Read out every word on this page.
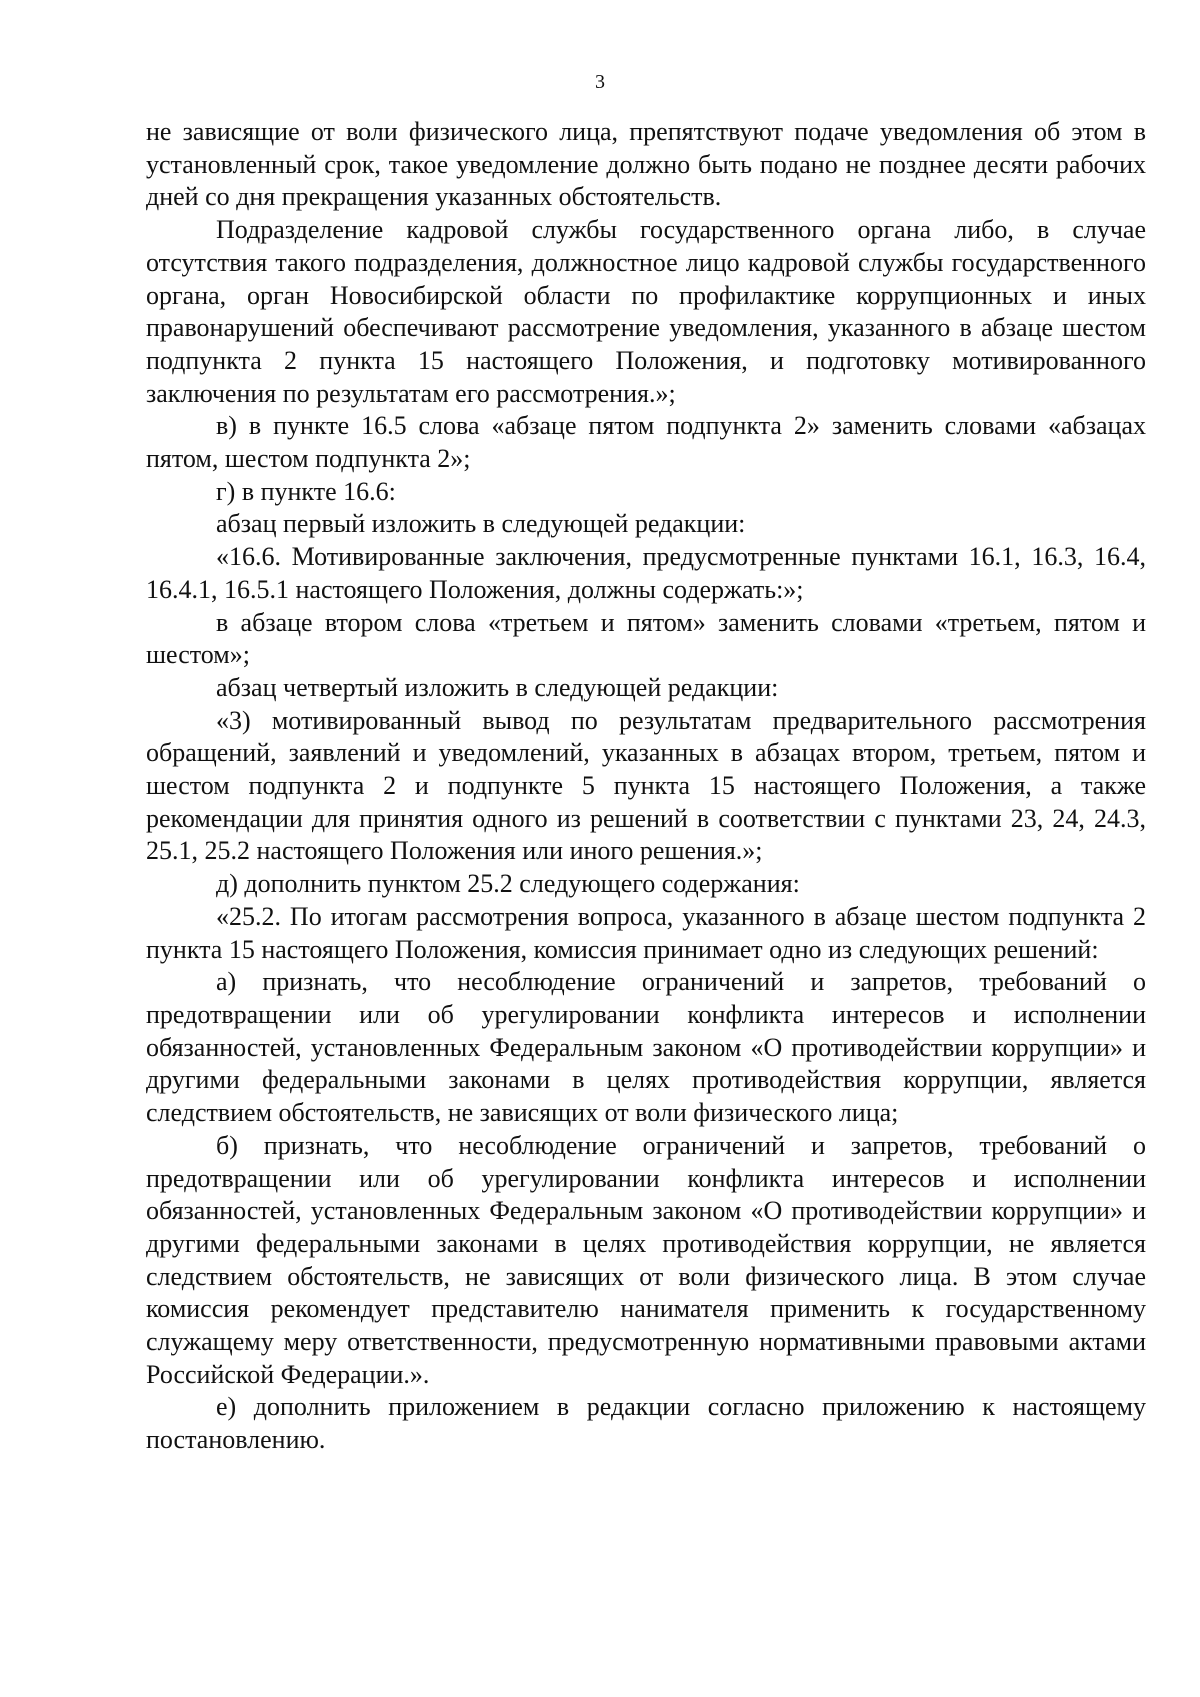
3

не зависящие от воли физического лица, препятствуют подаче уведомления об этом в установленный срок, такое уведомление должно быть подано не позднее десяти рабочих дней со дня прекращения указанных обстоятельств.

Подразделение кадровой службы государственного органа либо, в случае отсутствия такого подразделения, должностное лицо кадровой службы государственного органа, орган Новосибирской области по профилактике коррупционных и иных правонарушений обеспечивают рассмотрение уведомления, указанного в абзаце шестом подпункта 2 пункта 15 настоящего Положения, и подготовку мотивированного заключения по результатам его рассмотрения.»;

в) в пункте 16.5 слова «абзаце пятом подпункта 2» заменить словами «абзацах пятом, шестом подпункта 2»;

г) в пункте 16.6:

абзац первый изложить в следующей редакции:

«16.6. Мотивированные заключения, предусмотренные пунктами 16.1, 16.3, 16.4, 16.4.1, 16.5.1 настоящего Положения, должны содержать:»;

в абзаце втором слова «третьем и пятом» заменить словами «третьем, пятом и шестом»;

абзац четвертый изложить в следующей редакции:

«3) мотивированный вывод по результатам предварительного рассмотрения обращений, заявлений и уведомлений, указанных в абзацах втором, третьем, пятом и шестом подпункта 2 и подпункте 5 пункта 15 настоящего Положения, а также рекомендации для принятия одного из решений в соответствии с пунктами 23, 24, 24.3, 25.1, 25.2 настоящего Положения или иного решения.»;

д) дополнить пунктом 25.2 следующего содержания:

«25.2. По итогам рассмотрения вопроса, указанного в абзаце шестом подпункта 2 пункта 15 настоящего Положения, комиссия принимает одно из следующих решений:

а) признать, что несоблюдение ограничений и запретов, требований о предотвращении или об урегулировании конфликта интересов и исполнении обязанностей, установленных Федеральным законом «О противодействии коррупции» и другими федеральными законами в целях противодействия коррупции, является следствием обстоятельств, не зависящих от воли физического лица;

б) признать, что несоблюдение ограничений и запретов, требований о предотвращении или об урегулировании конфликта интересов и исполнении обязанностей, установленных Федеральным законом «О противодействии коррупции» и другими федеральными законами в целях противодействия коррупции, не является следствием обстоятельств, не зависящих от воли физического лица. В этом случае комиссия рекомендует представителю нанимателя применить к государственному служащему меру ответственности, предусмотренную нормативными правовыми актами Российской Федерации.».

е) дополнить приложением в редакции согласно приложению к настоящему постановлению.
